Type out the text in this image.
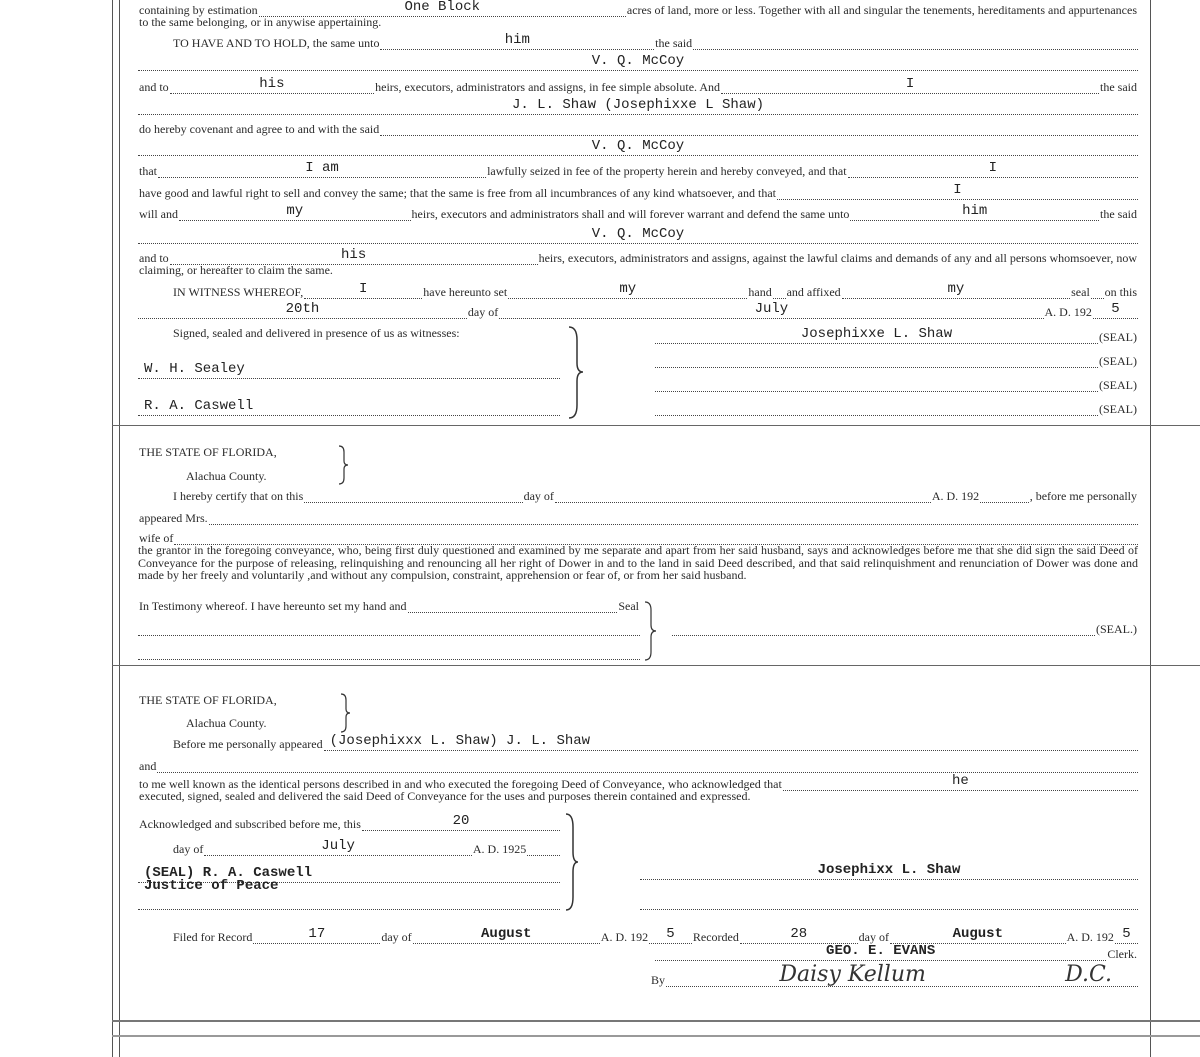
containing by estimation	One Block	acres of land, more or less. Together with all and singular the tenements, hereditaments and appurtenances
to the same belonging, or in anywise appertaining.
TO HAVE AND TO HOLD, the same unto	him	the said
V. Q. McCoy
and to	his	heirs, executors, administrators and assigns, in fee simple absolute. And	I	the said
J. L. Shaw (Josephixxe L Shaw)
do hereby covenant and agree to and with the said
V. Q. McCoy
that	I am	lawfully seized in fee of the property herein and hereby conveyed, and that	I
have good and lawful right to sell and convey the same; that the same is free from all incumbrances of any kind whatsoever, and that	I
will and	my	heirs, executors and administrators shall and will forever warrant and defend the same unto	him	the said
V. Q. McCoy
and to	his	heirs, executors, administrators and assigns, against the lawful claims and demands of any and all persons whomsoever, now
claiming, or hereafter to claim the same.
IN WITNESS WHEREOF,	I	have hereunto set	my	hand and affixed	my	seal on this
20th	day of	July	A. D. 192	5
Signed, sealed and delivered in presence of us as witnesses:
W. H. Sealey
R. A. Caswell
Josephixxe L. Shaw	(SEAL)
(SEAL)
(SEAL)
(SEAL)
THE STATE OF FLORIDA,
Alachua County.
I hereby certify that on this	day of	A. D. 192	, before me personally
appeared Mrs.
wife of
In Testimony whereof. I have hereunto set my hand and	Seal
(SEAL.)
THE STATE OF FLORIDA,
Alachua County.
Before me personally appeared (Josephixxx L. Shaw) J. L. Shaw
and
to me well known as the identical persons described in and who executed the foregoing Deed of Conveyance, who acknowledged that	he
executed, signed, sealed and delivered the said Deed of Conveyance for the uses and purposes therein contained and expressed.
Acknowledged and subscribed before me, this	20
day of	July	A. D. 1925
(SEAL) R. A. Caswell
Justice of Peace
Josephixx L. Shaw
Filed for Record	17	day of	August	A. D. 192	5	Recorded	28	day of	August	A. D. 192 5
GEO. E. EVANS	Clerk.
By	Daisy Kellum	D.C.
the grantor in the foregoing conveyance, who, being first duly questioned and examined by me separate and apart from her said husband, says and acknowledges before me that she did sign the said Deed of Conveyance for the purpose of releasing, relinquishing and renouncing all her right of Dower in and to the land in said Deed described, and that said relinquishment and renunciation of Dower was done and made by her freely and voluntarily ,and without any compulsion, constraint, apprehension or fear of, or from her said husband.
